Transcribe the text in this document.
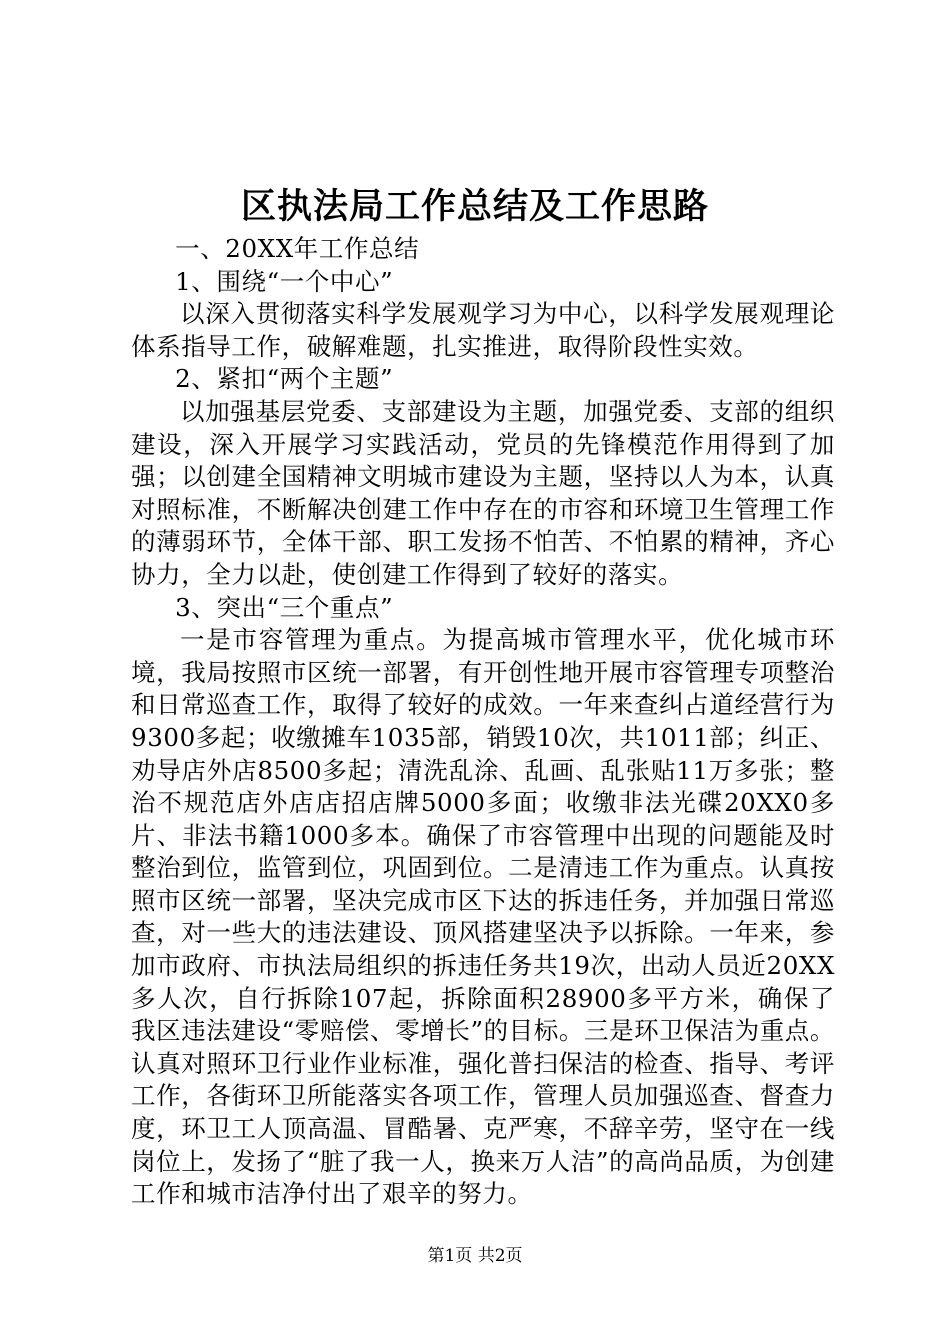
区执法局工作总结及工作思路

一、20XX年工作总结

1、围绕“一个中心”

以深入贯彻落实科学发展观学习为中心，以科学发展观理论体系指导工作，破解难题，扎实推进，取得阶段性实效。

2、紧扣“两个主题”

以加强基层党委、支部建设为主题，加强党委、支部的组织建设，深入开展学习实践活动，党员的先锋模范作用得到了加强；以创建全国精神文明城市建设为主题，坚持以人为本，认真对照标准，不断解决创建工作中存在的市容和环境卫生管理工作的薄弱环节，全体干部、职工发扬不怕苦、不怕累的精神，齐心协力，全力以赴，使创建工作得到了较好的落实。

3、突出“三个重点”

一是市容管理为重点。为提高城市管理水平，优化城市环境，我局按照市区统一部署，有开创性地开展市容管理专项整治和日常巡查工作，取得了较好的成效。一年来查纠占道经营行为9300多起；收缴摊车1035部，销毁10次，共1011部；纠正、劝导店外店8500多起；清洗乱涂、乱画、乱张贴11万多张；整治不规范店外店店招店牌5000多面；收缴非法光碟20XX0多片、非法书籍1000多本。确保了市容管理中出现的问题能及时整治到位，监管到位，巩固到位。二是清违工作为重点。认真按照市区统一部署，坚决完成市区下达的拆违任务，并加强日常巡查，对一些大的违法建设、顶风搭建坚决予以拆除。一年来，参加市政府、市执法局组织的拆违任务共19次，出动人员近20XX多人次，自行拆除107起，拆除面积28900多平方米，确保了我区违法建设“零赔偿、零增长”的目标。三是环卫保洁为重点。认真对照环卫行业作业标准，强化普扫保洁的检查、指导、考评工作，各街环卫所能落实各项工作，管理人员加强巡查、督查力度，环卫工人顶高温、冒酷暑、克严寒，不辞辛劳，坚守在一线岗位上，发扬了“脏了我一人，换来万人洁”的高尚品质，为创建工作和城市洁净付出了艰辛的努力。

第1页 共2页
